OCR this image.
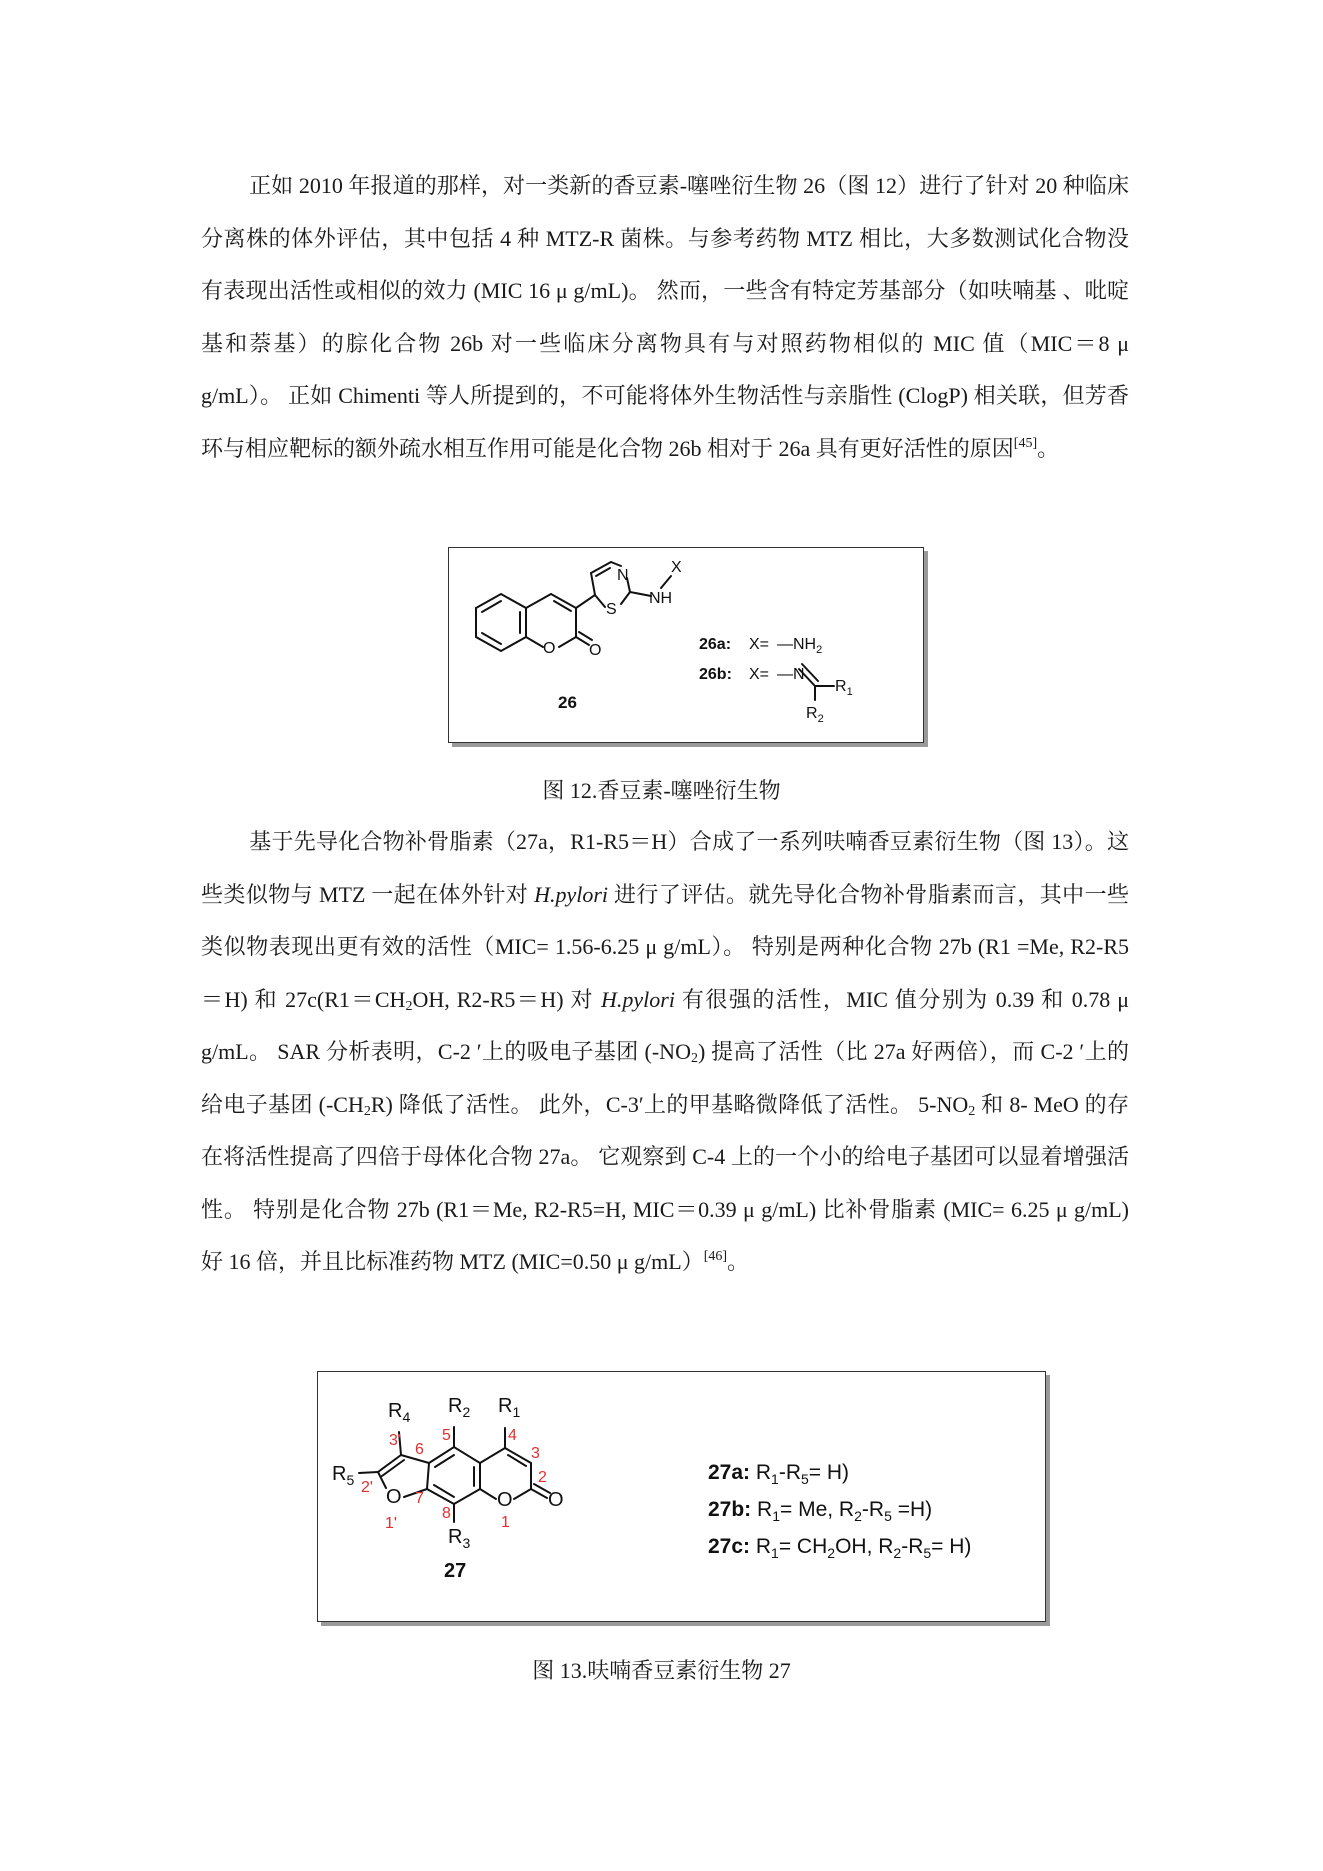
正如 2010 年报道的那样，对一类新的香豆素-噻唑衍生物 26（图 12）进行了针对 20 种临床分离株的体外评估，其中包括 4 种 MTZ-R 菌株。与参考药物 MTZ 相比，大多数测试化合物没有表现出活性或相似的效力 (MIC 16 μ g/mL)。 然而，一些含有特定芳基部分（如呋喃基 、吡啶基和萘基）的腙化合物 26b 对一些临床分离物具有与对照药物相似的 MIC 值（MIC＝8 μ g/mL）。 正如 Chimenti 等人所提到的，不可能将体外生物活性与亲脂性 (ClogP) 相关联，但芳香环与相应靶标的额外疏水相互作用可能是化合物 26b 相对于 26a 具有更好活性的原因[45]。

O O
N
S
X
NH
26
26a: $X= —NH_2$
26b: X= —N
$R_1$
$R_2$
图 12.香豆素-噻唑衍生物

基于先导化合物补骨脂素（27a，R1-R5＝H）合成了一系列呋喃香豆素衍生物（图 13）。这些类似物与 MTZ 一起在体外针对 H.pylori 进行了评估。就先导化合物补骨脂素而言，其中一些类似物表现出更有效的活性（MIC= 1.56-6.25 μ g/mL）。 特别是两种化合物 27b (R1 =Me, R2-R5＝H) 和 $27c(R1=CH_2OH$, R2-R5＝H) 对 H.pylori 有很强的活性，MIC 值分别为 0.39 和 0.78 μ g/mL。 SAR 分析表明，C-2 ′上的吸电子基团 $(-NO_2)$ 提高了活性（比 27a 好两倍），而 C-2 ′上的给电子基团 $(-CH_2R)$ 降低了活性。 此外，C-3′上的甲基略微降低了活性。 $5-NO_2$ 和 8- MeO 的存在将活性提高了四倍于母体化合物 27a。 它观察到 C-4 上的一个小的给电子基团可以显着增强活性。 特别是化合物 27b (R1＝Me, R2-R5=H, MIC＝0.39 μ g/mL) 比补骨脂素 (MIC= 6.25 μ g/mL) 好 16 倍，并且比标准药物 MTZ (MIC=0.50 μ g/mL）[46]。

$R_4$ $R_2$ $R_1$
$R_5$
$R_3$
O	O O
27
3'
2'
1'
6
5	4
3
2
1
7
8
27a: $R_1-R_5= H$)
27b: $R_1= Me$, $R_2-R_5 =H$)
27c: $R_1= CH_2OH$, $R_2-R_5= H$)
图 13.呋喃香豆素衍生物 27
